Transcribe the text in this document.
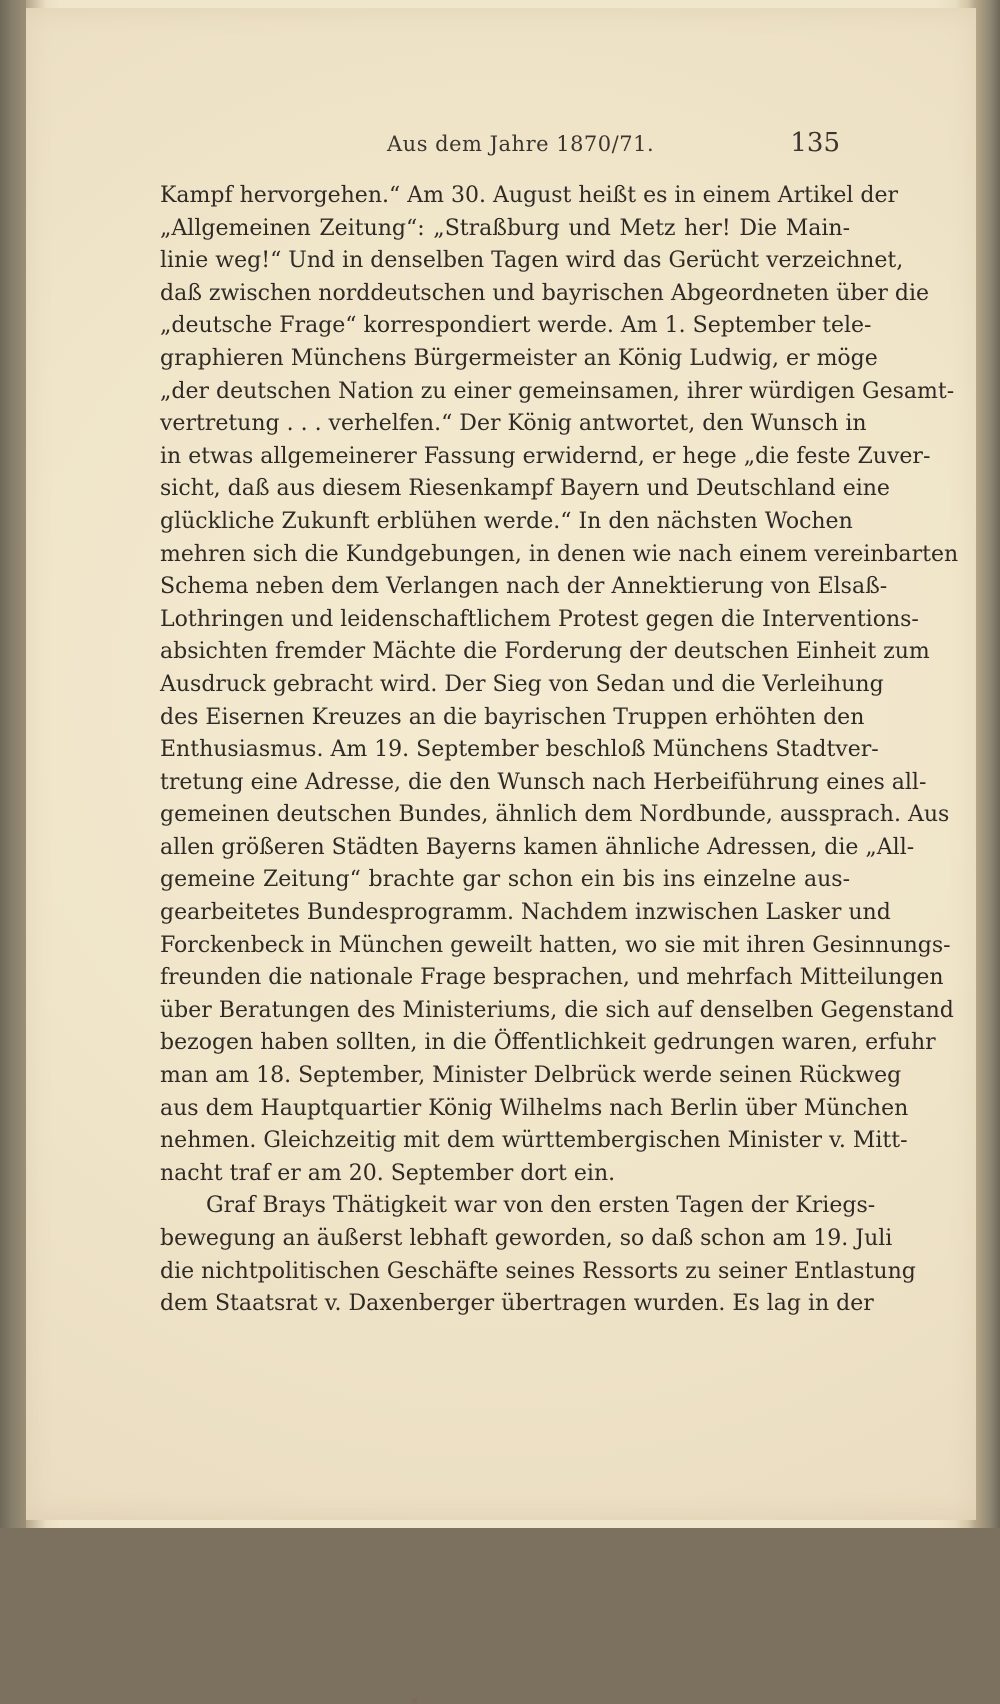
Aus dem Jahre 1870/71.	135
Kampf hervorgehen.“ Am 30. August heißt es in einem Artikel der
„Allgemeinen Zeitung“: „Straßburg und Metz her! Die Main-
linie weg!“ Und in denselben Tagen wird das Gerücht verzeichnet,
daß zwischen norddeutschen und bayrischen Abgeordneten über die
„deutsche Frage“ korrespondiert werde. Am 1. September tele-
graphieren Münchens Bürgermeister an König Ludwig, er möge
„der deutschen Nation zu einer gemeinsamen, ihrer würdigen Gesamt-
vertretung . . . verhelfen.“ Der König antwortet, den Wunsch in
in etwas allgemeinerer Fassung erwidernd, er hege „die feste Zuver-
sicht, daß aus diesem Riesenkampf Bayern und Deutschland eine
glückliche Zukunft erblühen werde.“ In den nächsten Wochen
mehren sich die Kundgebungen, in denen wie nach einem vereinbarten
Schema neben dem Verlangen nach der Annektierung von Elsaß-
Lothringen und leidenschaftlichem Protest gegen die Interventions-
absichten fremder Mächte die Forderung der deutschen Einheit zum
Ausdruck gebracht wird. Der Sieg von Sedan und die Verleihung
des Eisernen Kreuzes an die bayrischen Truppen erhöhten den
Enthusiasmus. Am 19. September beschloß Münchens Stadtver-
tretung eine Adresse, die den Wunsch nach Herbeiführung eines all-
gemeinen deutschen Bundes, ähnlich dem Nordbunde, aussprach. Aus
allen größeren Städten Bayerns kamen ähnliche Adressen, die „All-
gemeine Zeitung“ brachte gar schon ein bis ins einzelne aus-
gearbeitetes Bundesprogramm. Nachdem inzwischen Lasker und
Forckenbeck in München geweilt hatten, wo sie mit ihren Gesinnungs-
freunden die nationale Frage besprachen, und mehrfach Mitteilungen
über Beratungen des Ministeriums, die sich auf denselben Gegenstand
bezogen haben sollten, in die Öffentlichkeit gedrungen waren, erfuhr
man am 18. September, Minister Delbrück werde seinen Rückweg
aus dem Hauptquartier König Wilhelms nach Berlin über München
nehmen. Gleichzeitig mit dem württembergischen Minister v. Mitt-
nacht traf er am 20. September dort ein.
Graf Brays Thätigkeit war von den ersten Tagen der Kriegs-
bewegung an äußerst lebhaft geworden, so daß schon am 19. Juli
die nichtpolitischen Geschäfte seines Ressorts zu seiner Entlastung
dem Staatsrat v. Daxenberger übertragen wurden. Es lag in der
